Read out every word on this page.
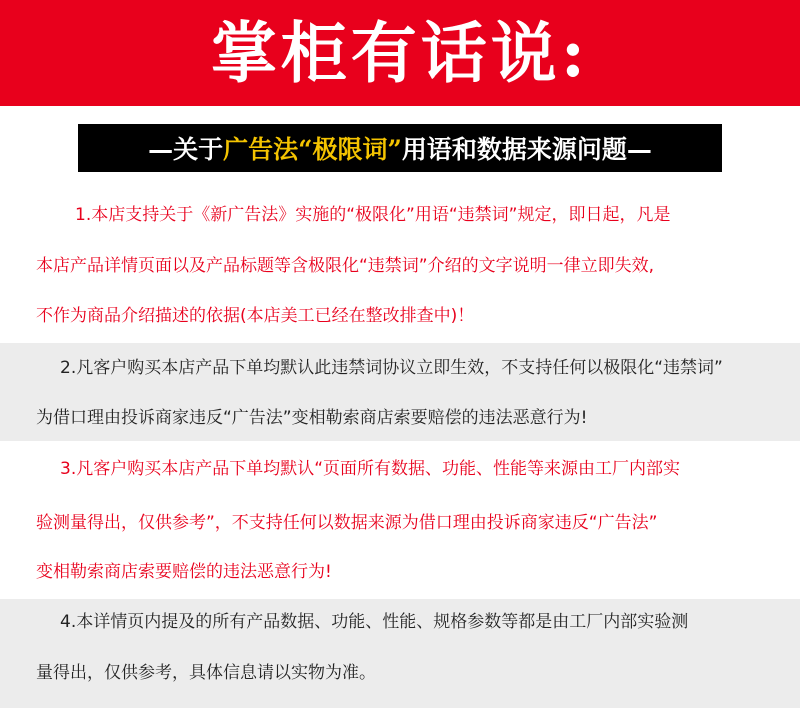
掌柜有话说:
—关于 广告法 “极限词” 用语和数据来源问题—
1.本店支持关于《新广告法》实施的“极限化”用语“违禁词”规定，即日起，凡是
本店产品详情页面以及产品标题等含极限化“违禁词”介绍的文字说明一律立即失效,
不作为商品介绍描述的依据(本店美工已经在整改排查中)！
2.凡客户购买本店产品下单均默认此违禁词协议立即生效，不支持任何以极限化“违禁词”
为借口理由投诉商家违反“广告法”变相勒索商店索要赔偿的违法恶意行为!
3.凡客户购买本店产品下单均默认“页面所有数据、功能、性能等来源由工厂内部实
验测量得出，仅供参考”，不支持任何以数据来源为借口理由投诉商家违反“广告法”
变相勒索商店索要赔偿的违法恶意行为!
4.本详情页内提及的所有产品数据、功能、性能、规格参数等都是由工厂内部实验测
量得出，仅供参考，具体信息请以实物为准。
